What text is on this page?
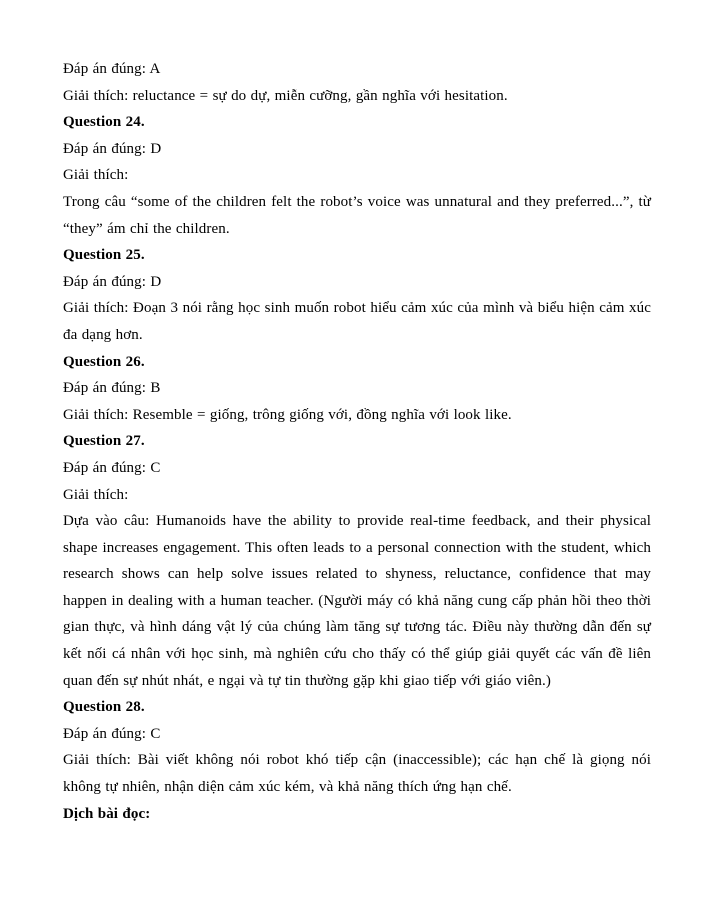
Đáp án đúng: A

Giải thích: reluctance = sự do dự, miễn cưỡng, gần nghĩa với hesitation.

Question 24.

Đáp án đúng: D

Giải thích:

Trong câu “some of the children felt the robot’s voice was unnatural and they preferred...”, từ “they” ám chỉ the children.

Question 25.

Đáp án đúng: D

Giải thích: Đoạn 3 nói rằng học sinh muốn robot hiểu cảm xúc của mình và biểu hiện cảm xúc đa dạng hơn.

Question 26.

Đáp án đúng: B

Giải thích: Resemble = giống, trông giống với, đồng nghĩa với look like.

Question 27.

Đáp án đúng: C

Giải thích:

Dựa vào câu: Humanoids have the ability to provide real-time feedback, and their physical shape increases engagement. This often leads to a personal connection with the student, which research shows can help solve issues related to shyness, reluctance, confidence that may happen in dealing with a human teacher. (Người máy có khả năng cung cấp phản hồi theo thời gian thực, và hình dáng vật lý của chúng làm tăng sự tương tác. Điều này thường dẫn đến sự kết nối cá nhân với học sinh, mà nghiên cứu cho thấy có thể giúp giải quyết các vấn đề liên quan đến sự nhút nhát, e ngại và tự tin thường gặp khi giao tiếp với giáo viên.)

Question 28.

Đáp án đúng: C

Giải thích: Bài viết không nói robot khó tiếp cận (inaccessible); các hạn chế là giọng nói không tự nhiên, nhận diện cảm xúc kém, và khả năng thích ứng hạn chế.

Dịch bài đọc:
